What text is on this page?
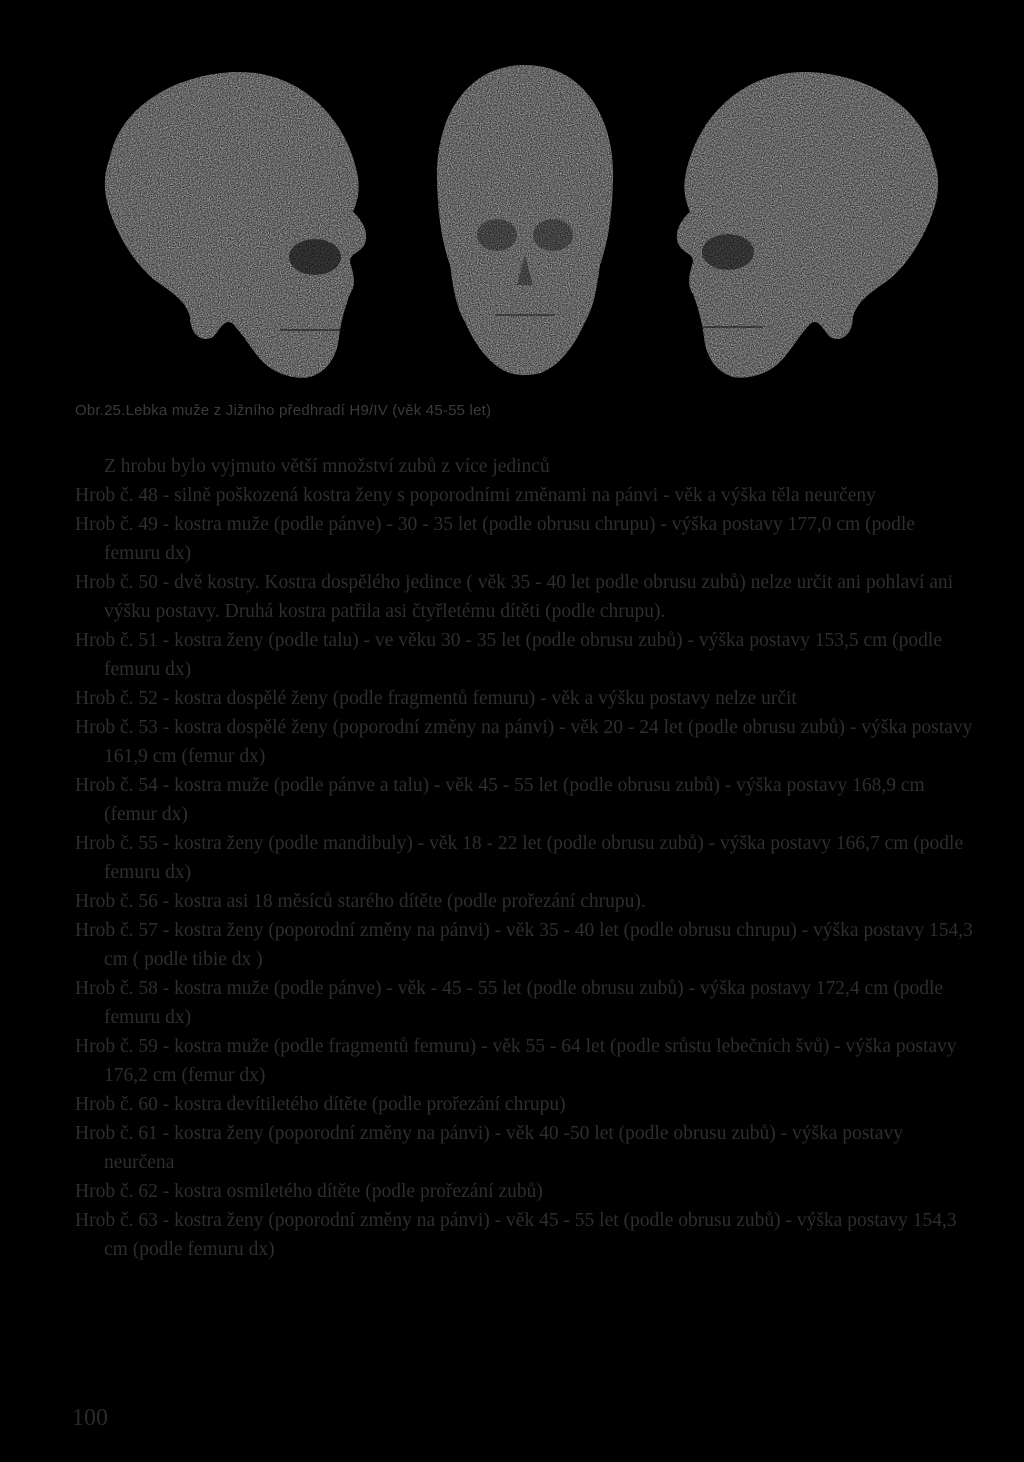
Obr.25.Lebka muže z Jižního předhradí H9/IV (věk 45-55 let)

Z hrobu bylo vyjmuto větší množství zubů z více jedinců

Hrob č. 48 - silně poškozená kostra ženy s poporodními změnami na pánvi - věk a výška těla neurčeny

Hrob č. 49 - kostra muže (podle pánve) - 30 - 35 let (podle obrusu chrupu) - výška postavy 177,0 cm (podle femuru dx)

Hrob č. 50 - dvě kostry. Kostra dospělého jedince ( věk 35 - 40 let podle obrusu zubů) nelze určit ani pohlaví ani výšku postavy. Druhá kostra patřila asi čtyřletému dítěti (podle chrupu).

Hrob č. 51 - kostra ženy (podle talu) - ve věku 30 - 35 let (podle obrusu zubů) - výška postavy 153,5 cm (podle femuru dx)

Hrob č. 52 - kostra dospělé ženy (podle fragmentů femuru) - věk a výšku postavy nelze určit

Hrob č. 53 - kostra dospělé ženy (poporodní změny na pánvi) - věk 20 - 24 let (podle obrusu zubů) - výška postavy 161,9 cm (femur dx)

Hrob č. 54 - kostra muže (podle pánve a talu) - věk 45 - 55 let (podle obrusu zubů) - výška postavy 168,9 cm (femur dx)

Hrob č. 55 - kostra ženy (podle mandibuly) - věk 18 - 22 let (podle obrusu zubů) - výška postavy 166,7 cm (podle femuru dx)

Hrob č. 56 - kostra asi 18 měsíců starého dítěte (podle prořezání chrupu).

Hrob č. 57 - kostra ženy (poporodní změny na pánvi) - věk 35 - 40 let (podle obrusu chrupu) - výška postavy 154,3 cm ( podle tibie dx )

Hrob č. 58 - kostra muže (podle pánve) - věk - 45 - 55 let (podle obrusu zubů) - výška postavy 172,4 cm (podle femuru dx)

Hrob č. 59 - kostra muže (podle fragmentů femuru) - věk 55 - 64 let (podle srůstu lebečních švů) - výška postavy 176,2 cm (femur dx)

Hrob č. 60 - kostra devítiletého dítěte (podle prořezání chrupu)

Hrob č. 61 - kostra ženy (poporodní změny na pánvi) - věk 40 -50 let (podle obrusu zubů) - výška postavy neurčena

Hrob č. 62 - kostra osmiletého dítěte (podle prořezání zubů)

Hrob č. 63 - kostra ženy (poporodní změny na pánvi) - věk 45 - 55 let (podle obrusu zubů) - výška postavy 154,3 cm (podle femuru dx)

100
